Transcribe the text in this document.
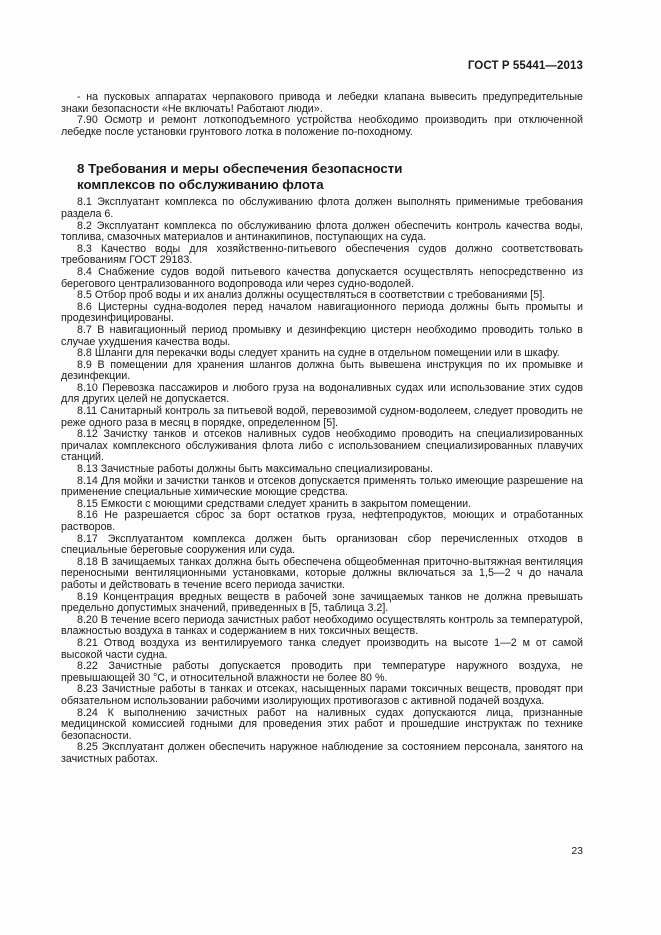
ГОСТ Р 55441—2013

- на пусковых аппаратах черпакового привода и лебедки клапана вывесить предупредительные знаки безопасности «Не включать! Работают люди».

7.90 Осмотр и ремонт лоткоподъемного устройства необходимо производить при отключенной лебедке после установки грунтового лотка в положение по-походному.

8 Требования и меры обеспечения безопасности
комплексов по обслуживанию флота

8.1 Эксплуатант комплекса по обслуживанию флота должен выполнять применимые требования раздела 6.

8.2 Эксплуатант комплекса по обслуживанию флота должен обеспечить контроль качества воды, топлива, смазочных материалов и антинакипинов, поступающих на суда.

8.3 Качество воды для хозяйственно-питьевого обеспечения судов должно соответствовать требованиям ГОСТ 29183.

8.4 Снабжение судов водой питьевого качества допускается осуществлять непосредственно из берегового централизованного водопровода или через судно-водолей.

8.5 Отбор проб воды и их анализ должны осуществляться в соответствии с требованиями [5].

8.6 Цистерны судна-водолея перед началом навигационного периода должны быть промыты и продезинфицированы.

8.7 В навигационный период промывку и дезинфекцию цистерн необходимо проводить только в случае ухудшения качества воды.

8.8 Шланги для перекачки воды следует хранить на судне в отдельном помещении или в шкафу.

8.9 В помещении для хранения шлангов должна быть вывешена инструкция по их промывке и дезинфекции.

8.10 Перевозка пассажиров и любого груза на водоналивных судах или использование этих судов для других целей не допускается.

8.11 Санитарный контроль за питьевой водой, перевозимой судном-водолеем, следует проводить не реже одного раза в месяц в порядке, определенном [5].

8.12 Зачистку танков и отсеков наливных судов необходимо проводить на специализированных причалах комплексного обслуживания флота либо с использованием специализированных плавучих станций.

8.13 Зачистные работы должны быть максимально специализированы.

8.14 Для мойки и зачистки танков и отсеков допускается применять только имеющие разрешение на применение специальные химические моющие средства.

8.15 Емкости с моющими средствами следует хранить в закрытом помещении.

8.16 Не разрешается сброс за борт остатков груза, нефтепродуктов, моющих и отработанных растворов.

8.17 Эксплуатантом комплекса должен быть организован сбор перечисленных отходов в специальные береговые сооружения или суда.

8.18 В зачищаемых танках должна быть обеспечена общеобменная приточно-вытяжная вентиляция переносными вентиляционными установками, которые должны включаться за 1,5—2 ч до начала работы и действовать в течение всего периода зачистки.

8.19 Концентрация вредных веществ в рабочей зоне зачищаемых танков не должна превышать предельно допустимых значений, приведенных в [5, таблица 3.2].

8.20 В течение всего периода зачистных работ необходимо осуществлять контроль за температурой, влажностью воздуха в танках и содержанием в них токсичных веществ.

8.21 Отвод воздуха из вентилируемого танка следует производить на высоте 1—2 м от самой высокой части судна.

8.22 Зачистные работы допускается проводить при температуре наружного воздуха, не превышающей 30 °C, и относительной влажности не более 80 %.

8.23 Зачистные работы в танках и отсеках, насыщенных парами токсичных веществ, проводят при обязательном использовании рабочими изолирующих противогазов с активной подачей воздуха.

8.24 К выполнению зачистных работ на наливных судах допускаются лица, признанные медицинской комиссией годными для проведения этих работ и прошедшие инструктаж по технике безопасности.

8.25 Эксплуатант должен обеспечить наружное наблюдение за состоянием персонала, занятого на зачистных работах.

23
